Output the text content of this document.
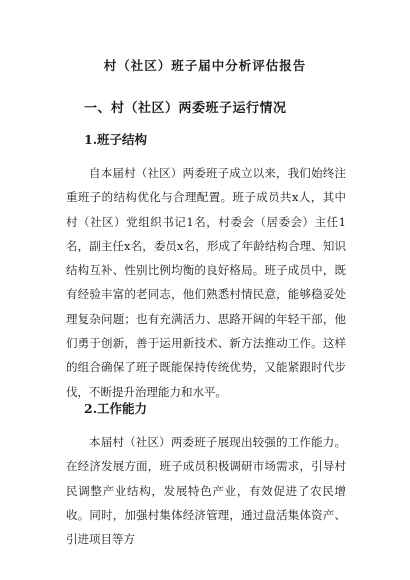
村（社区）班子届中分析评估报告
一、村（社区）两委班子运行情况
1.班子结构
自本届村（社区）两委班子成立以来，我们始终注重班子的结构优化与合理配置。班子成员共x人，其中村（社区）党组织书记1名，村委会（居委会）主任1名，副主任x名，委员x名，形成了年龄结构合理、知识结构互补、性别比例均衡的良好格局。班子成员中，既有经验丰富的老同志，他们熟悉村情民意，能够稳妥处理复杂问题；也有充满活力、思路开阔的年轻干部，他们勇于创新，善于运用新技术、新方法推动工作。这样的组合确保了班子既能保持传统优势，又能紧跟时代步伐，不断提升治理能力和水平。
2.工作能力
本届村（社区）两委班子展现出较强的工作能力。在经济发展方面，班子成员积极调研市场需求，引导村民调整产业结构，发展特色产业，有效促进了农民增收。同时，加强村集体经济管理，通过盘活集体资产、引进项目等方
